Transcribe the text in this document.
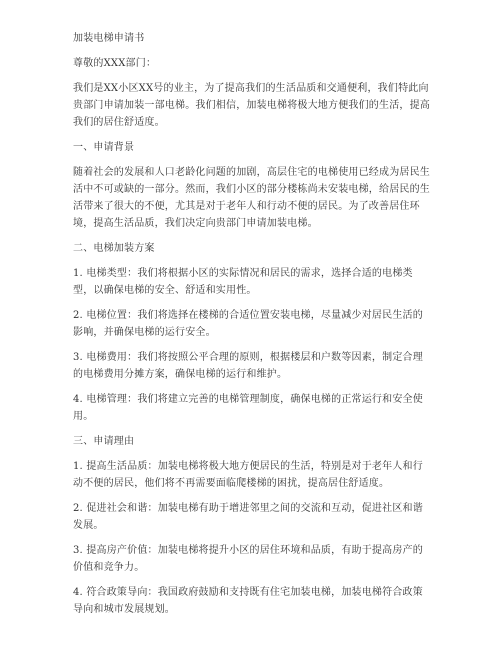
加装电梯申请书

尊敬的XXX部门：

我们是XX小区XX号的业主，为了提高我们的生活品质和交通便利，我们特此向贵部门申请加装一部电梯。我们相信，加装电梯将极大地方便我们的生活，提高我们的居住舒适度。

一、申请背景

随着社会的发展和人口老龄化问题的加剧，高层住宅的电梯使用已经成为居民生活中不可或缺的一部分。然而，我们小区的部分楼栋尚未安装电梯，给居民的生活带来了很大的不便，尤其是对于老年人和行动不便的居民。为了改善居住环境，提高生活品质，我们决定向贵部门申请加装电梯。

二、电梯加装方案

1. 电梯类型：我们将根据小区的实际情况和居民的需求，选择合适的电梯类型，以确保电梯的安全、舒适和实用性。

2. 电梯位置：我们将选择在楼梯的合适位置安装电梯，尽量减少对居民生活的影响，并确保电梯的运行安全。

3. 电梯费用：我们将按照公平合理的原则，根据楼层和户数等因素，制定合理的电梯费用分摊方案，确保电梯的运行和维护。

4. 电梯管理：我们将建立完善的电梯管理制度，确保电梯的正常运行和安全使用。

三、申请理由

1. 提高生活品质：加装电梯将极大地方便居民的生活，特别是对于老年人和行动不便的居民，他们将不再需要面临爬楼梯的困扰，提高居住舒适度。

2. 促进社会和谐：加装电梯有助于增进邻里之间的交流和互动，促进社区和谐发展。

3. 提高房产价值：加装电梯将提升小区的居住环境和品质，有助于提高房产的价值和竞争力。

4. 符合政策导向：我国政府鼓励和支持既有住宅加装电梯，加装电梯符合政策导向和城市发展规划。
